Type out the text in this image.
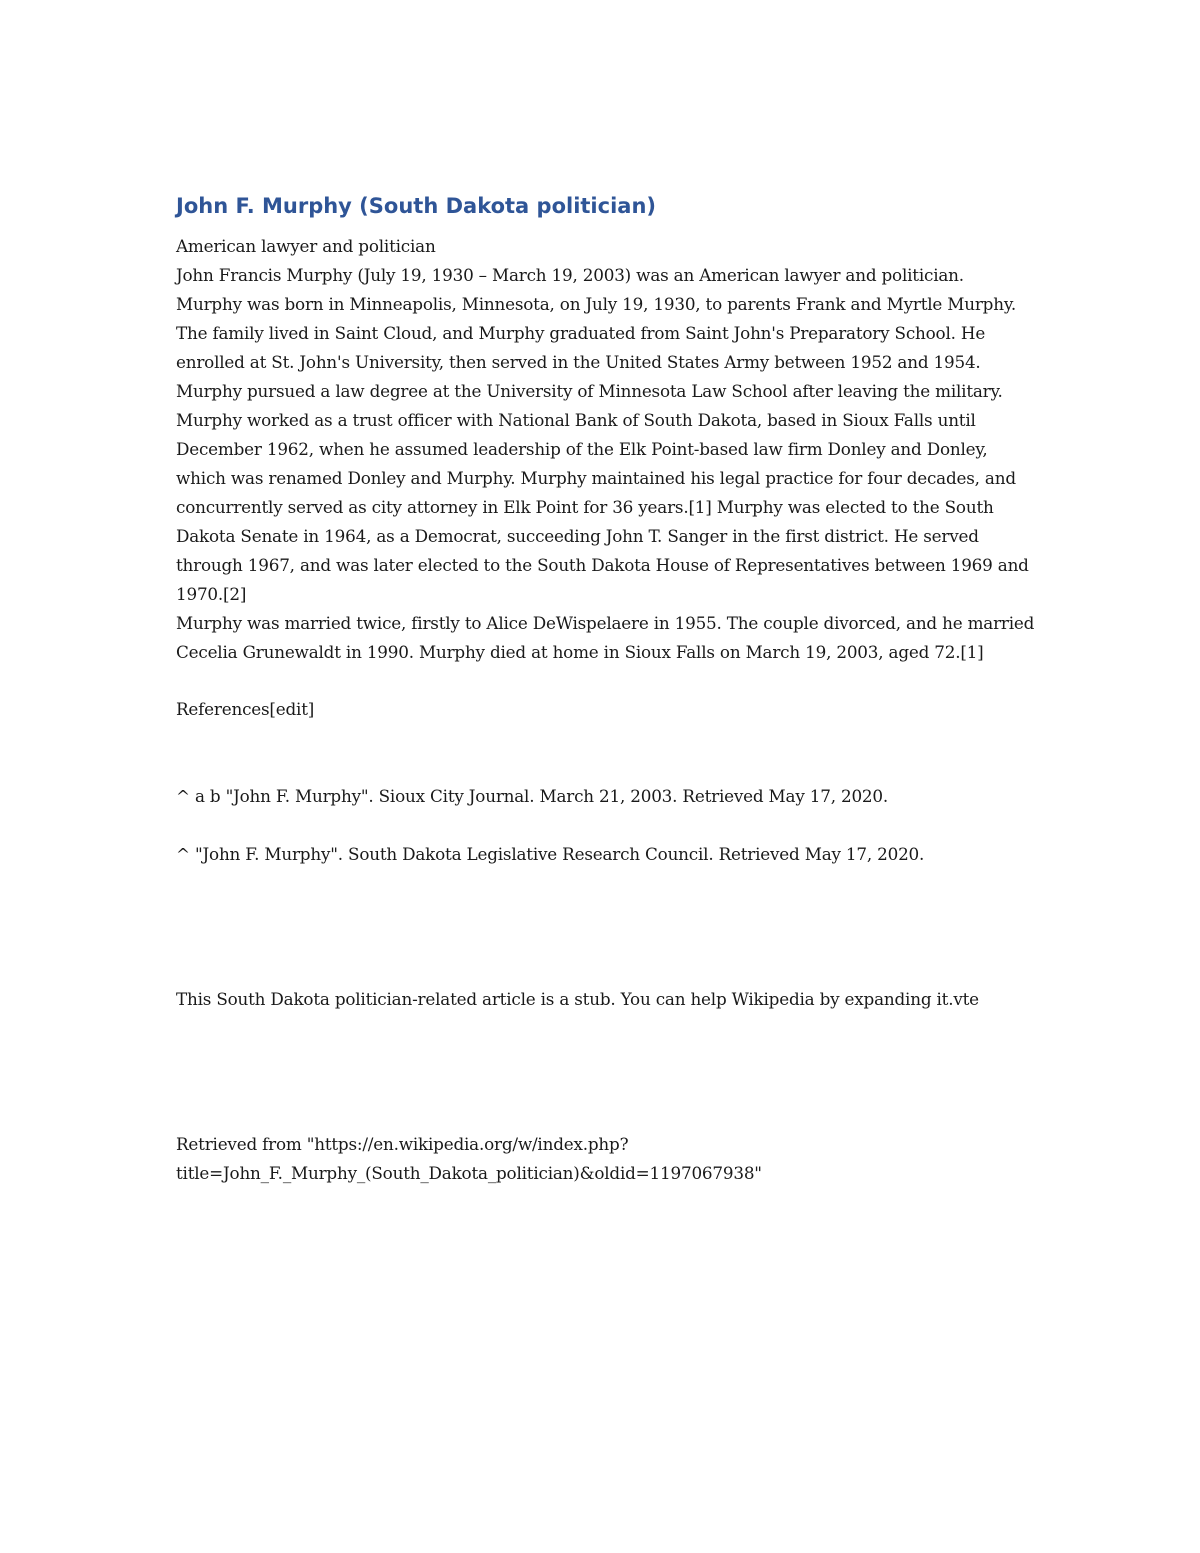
John F. Murphy (South Dakota politician)

American lawyer and politician

John Francis Murphy (July 19, 1930 – March 19, 2003) was an American lawyer and politician.

Murphy was born in Minneapolis, Minnesota, on July 19, 1930, to parents Frank and Myrtle Murphy. The family lived in Saint Cloud, and Murphy graduated from Saint John's Preparatory School. He enrolled at St. John's University, then served in the United States Army between 1952 and 1954. Murphy pursued a law degree at the University of Minnesota Law School after leaving the military. Murphy worked as a trust officer with National Bank of South Dakota, based in Sioux Falls until December 1962, when he assumed leadership of the Elk Point-based law firm Donley and Donley, which was renamed Donley and Murphy. Murphy maintained his legal practice for four decades, and concurrently served as city attorney in Elk Point for 36 years.[1] Murphy was elected to the South Dakota Senate in 1964, as a Democrat, succeeding John T. Sanger in the first district. He served through 1967, and was later elected to the South Dakota House of Representatives between 1969 and 1970.[2]

Murphy was married twice, firstly to Alice DeWispelaere in 1955. The couple divorced, and he married Cecelia Grunewaldt in 1990. Murphy died at home in Sioux Falls on March 19, 2003, aged 72.[1]

References[edit]

^ a b "John F. Murphy". Sioux City Journal. March 21, 2003. Retrieved May 17, 2020.

^ "John F. Murphy". South Dakota Legislative Research Council. Retrieved May 17, 2020.

This South Dakota politician-related article is a stub. You can help Wikipedia by expanding it.vte

Retrieved from "https://en.wikipedia.org/w/index.php?

title=John_F._Murphy_(South_Dakota_politician)&oldid=1197067938"
